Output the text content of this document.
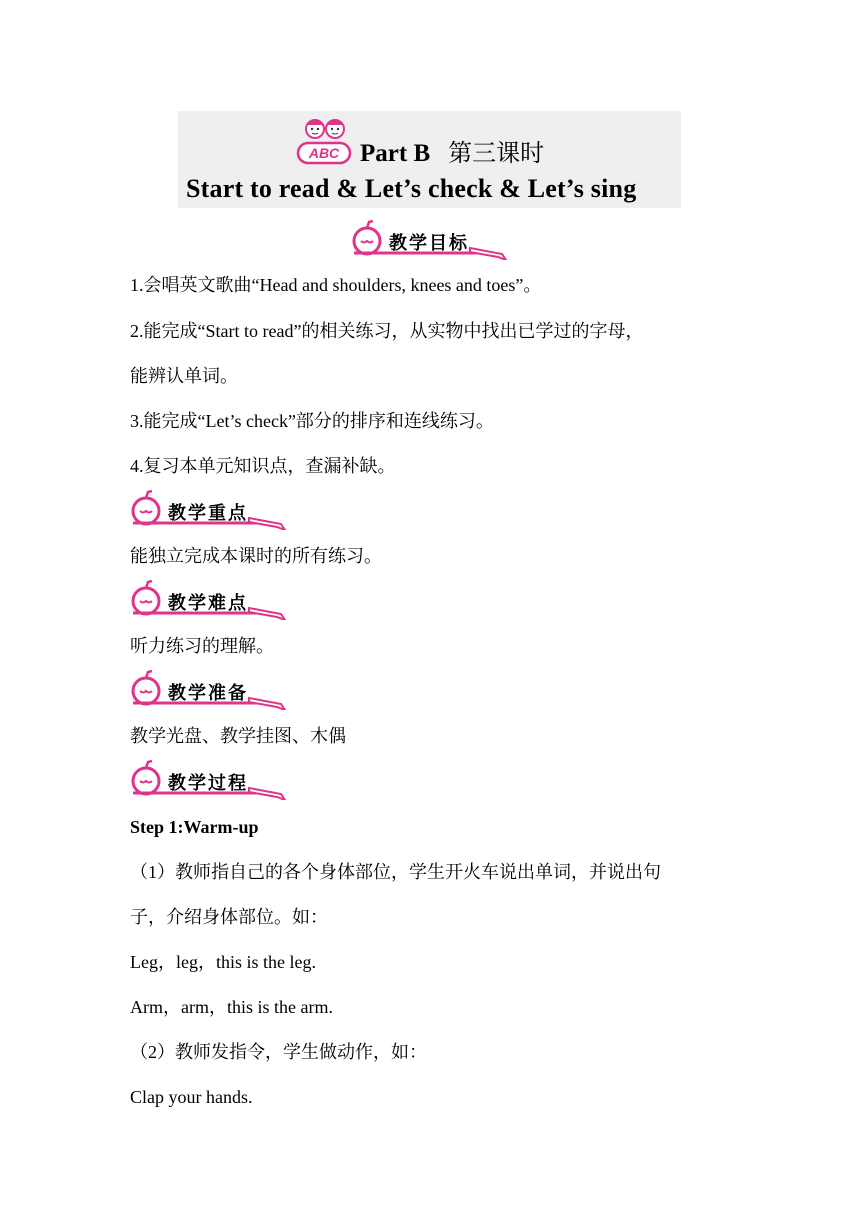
ABC Part B 第三课时
Start to read & Let’s check & Let’s sing
教学目标
1.会唱英文歌曲“Head and shoulders, knees and toes”。
2.能完成“Start to read”的相关练习，从实物中找出已学过的字母，
能辨认单词。
3.能完成“Let’s check”部分的排序和连线练习。
4.复习本单元知识点，查漏补缺。
教学重点
能独立完成本课时的所有练习。
教学难点
听力练习的理解。
教学准备
教学光盘、教学挂图、木偶
教学过程
Step 1:Warm-up
（1）教师指自己的各个身体部位，学生开火车说出单词，并说出句
子，介绍身体部位。如：
Leg，leg，this is the leg.
Arm，arm，this is the arm.
（2）教师发指令，学生做动作，如：
Clap your hands.
